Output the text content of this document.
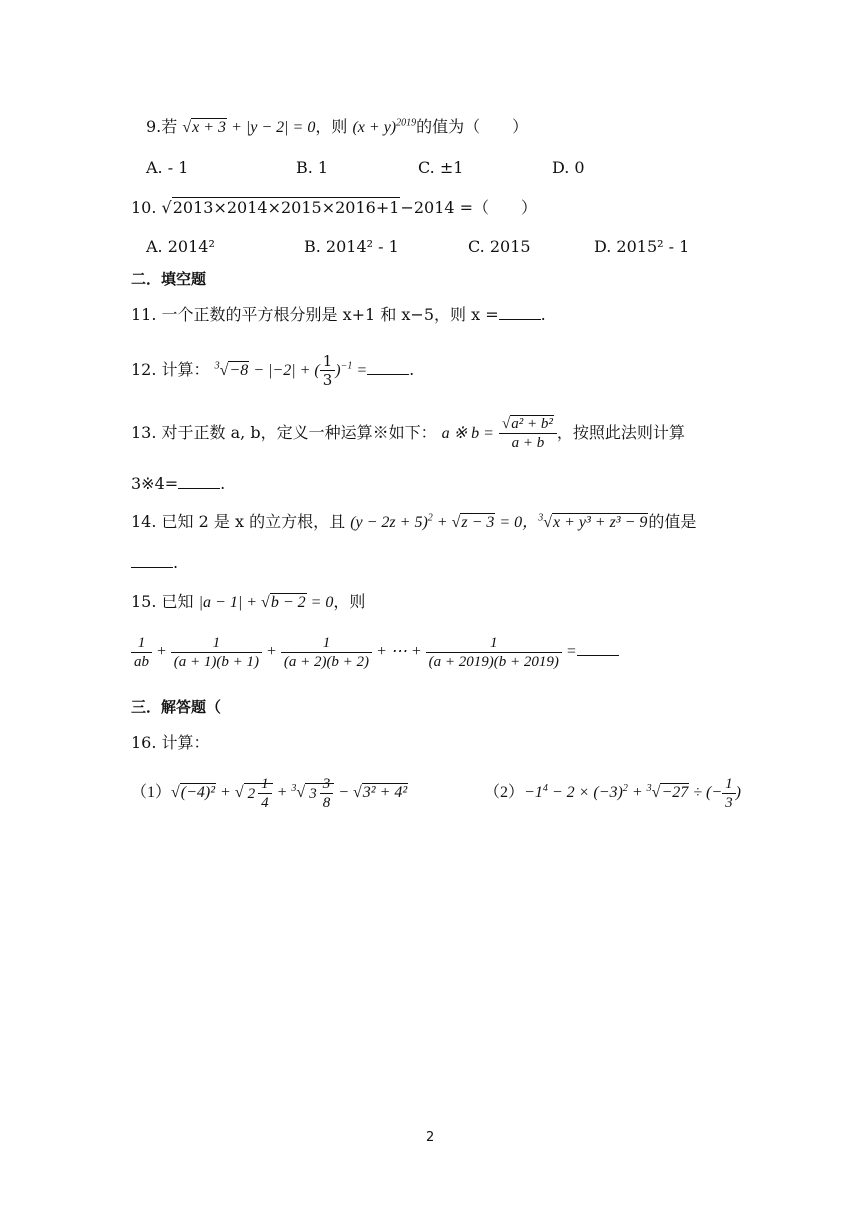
9.若 √x + 3 + |y − 2| = 0，则 $(x + y)^{2019}$的值为（　　）
A. - 1	B. 1	C. ±1	D. 0
10. √2013×2014×2015×2016+1−2014 =（　　）
A. 2014²	B. 2014² - 1	C. 2015	D. 2015² - 1
二．填空题
11. 一个正数的平方根分别是 x+1 和 x−5，则 x =	.
12. 计算： $^3$√−8 − |−2| + ( $\frac{1}{3} )^{-1}$ =	.
13. 对于正数 a, b，定义一种运算※如下： a ※ $b = \frac{\text{√a² + b²}}{a + b}$ ，按照此法则计算
3※4=	.
14. 已知 2 是 x 的立方根，且 $(y - 2z + 5)^2 + √z - 3 = 0$，$^3$√x + y³ + z³ − 9的值是
.
15. 已知 |a − 1| + √b − 2 = 0，则
$\frac{1}{ab} + \frac{1}{(a + 1)(b + 1)} + \frac{1}{(a + 2)(b + 2)}$ + ⋯ + $\frac{1}{(a + 2019)(b + 2019)}$ =
三．解答题（
16. 计算：
（1）√(−4)² + √ $2 \frac{1}{4} + ^3√$ $3 \frac{3}{8} - √3^2 + 4^2$	$(2)-1^4 - 2 \times (-3)^2 + ^3√-27$ ÷ (− $\frac{1}{3}$ )
2
